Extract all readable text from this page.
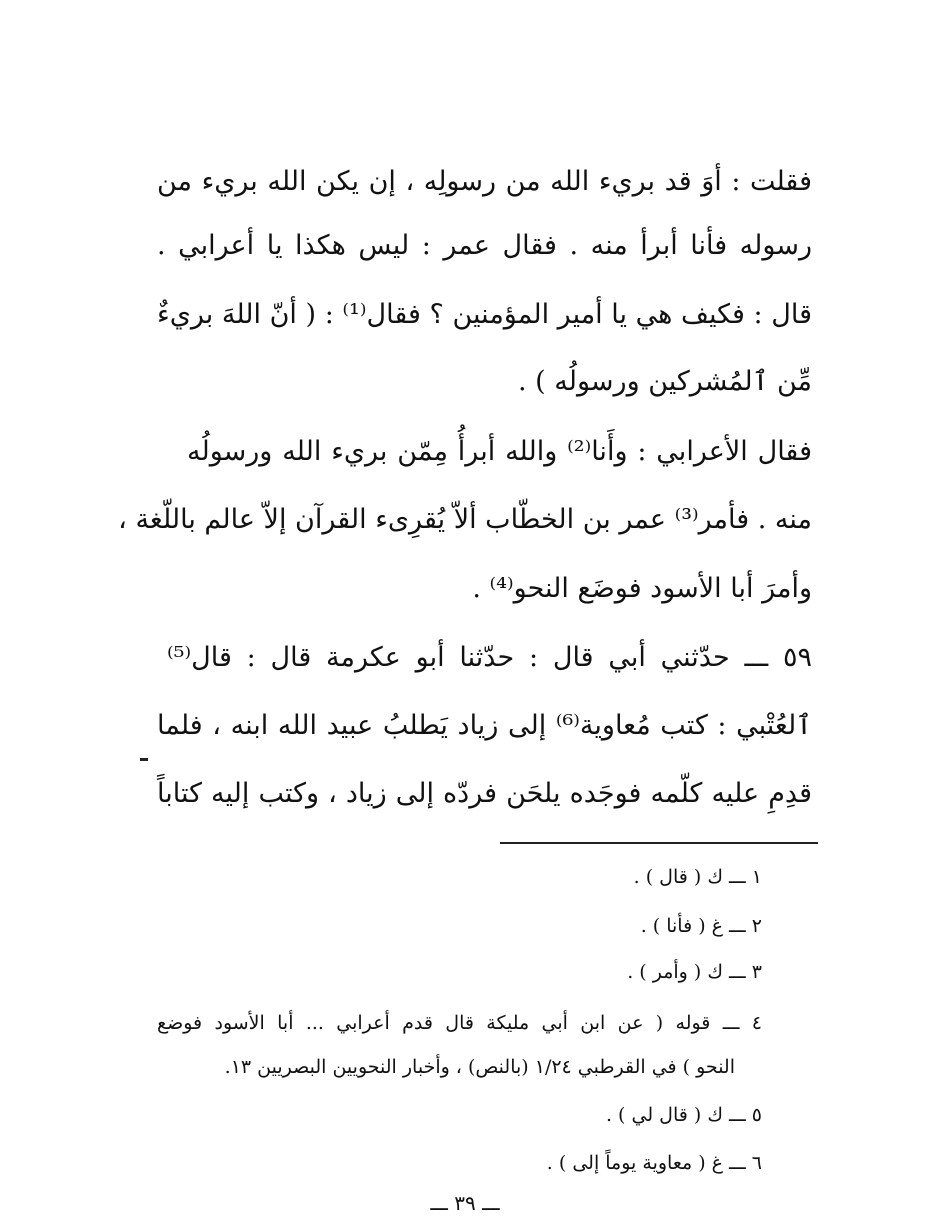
فقلت : أوَ قد بريء الله من رسولِه ، إن يكن الله بريء من
رسوله فأنا أبرأ منه . فقال عمر : ليس هكذا يا أعرابي .
قال : فكيف هي يا أمير المؤمنين ؟ فقال⁽¹⁾ : ( أنّ اللهَ بريءٌ
مِّن ٱلمُشركين ورسولُه ) .
فقال الأعرابي : وأَنا⁽²⁾ والله أبرأُ مِمّن بريء الله ورسولُه
منه . فأمر⁽³⁾ عمر بن الخطّاب ألاّ يُقرِىء القرآن إلاّ عالم باللّغة ،
وأمرَ أبا الأسود فوضَع النحو⁽⁴⁾ .
٥٩ ـــ حدّثني أبي قال : حدّثنا أبو عكرمة قال : قال⁽⁵⁾
ٱلعُتْبي : كتب مُعاوية⁽⁶⁾ إلى زياد يَطلبُ عبيد الله ابنه ، فلما
قدِمِ عليه كلّمه فوجَده يلحَن فردّه إلى زياد ، وكتب إليه كتاباً
١ ـــ ك ( قال ) .
٢ ـــ غ ( فأنا ) .
٣ ـــ ك ( وأمر ) .
٤ ـــ قوله ( عن ابن أبي مليكة قال قدم أعرابي ... أبا الأسود فوضع
النحو ) في القرطبي ١/٢٤ (بالنص) ، وأخبار النحويين البصريين ١٣.
٥ ـــ ك ( قال لي ) .
٦ ـــ غ ( معاوية يوماً إلى ) .
ـــ ٣٩ ـــ
